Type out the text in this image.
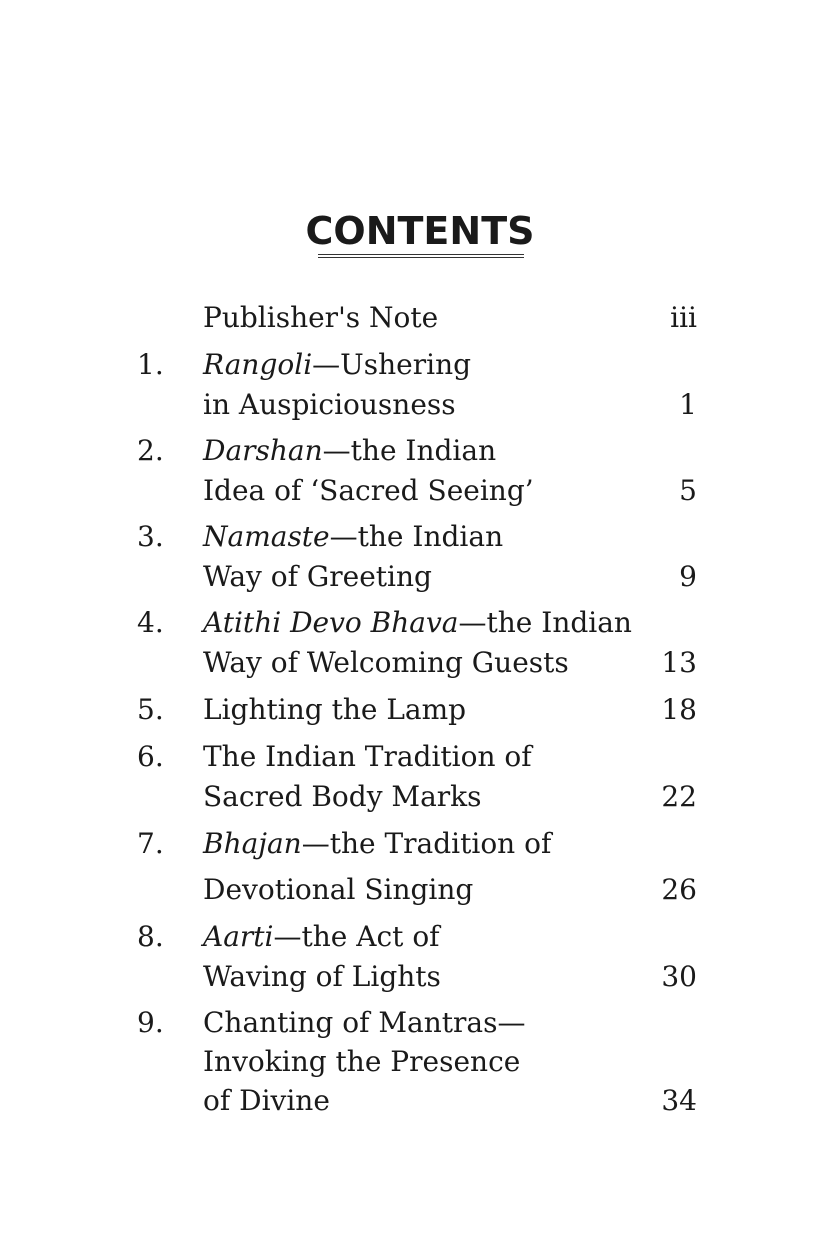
CONTENTS
Publisher's Note	iii
1. Rangoli—Ushering
in Auspiciousness	1
2. Darshan—the Indian
Idea of ‘Sacred Seeing’	5
3. Namaste—the Indian
Way of Greeting	9
4. Atithi Devo Bhava—the Indian
Way of Welcoming Guests	13
5. Lighting the Lamp	18
6. The Indian Tradition of
Sacred Body Marks	22
7. Bhajan—the Tradition of
Devotional Singing	26
8. Aarti—the Act of
Waving of Lights	30
9. Chanting of Mantras—
Invoking the Presence
of Divine	34
